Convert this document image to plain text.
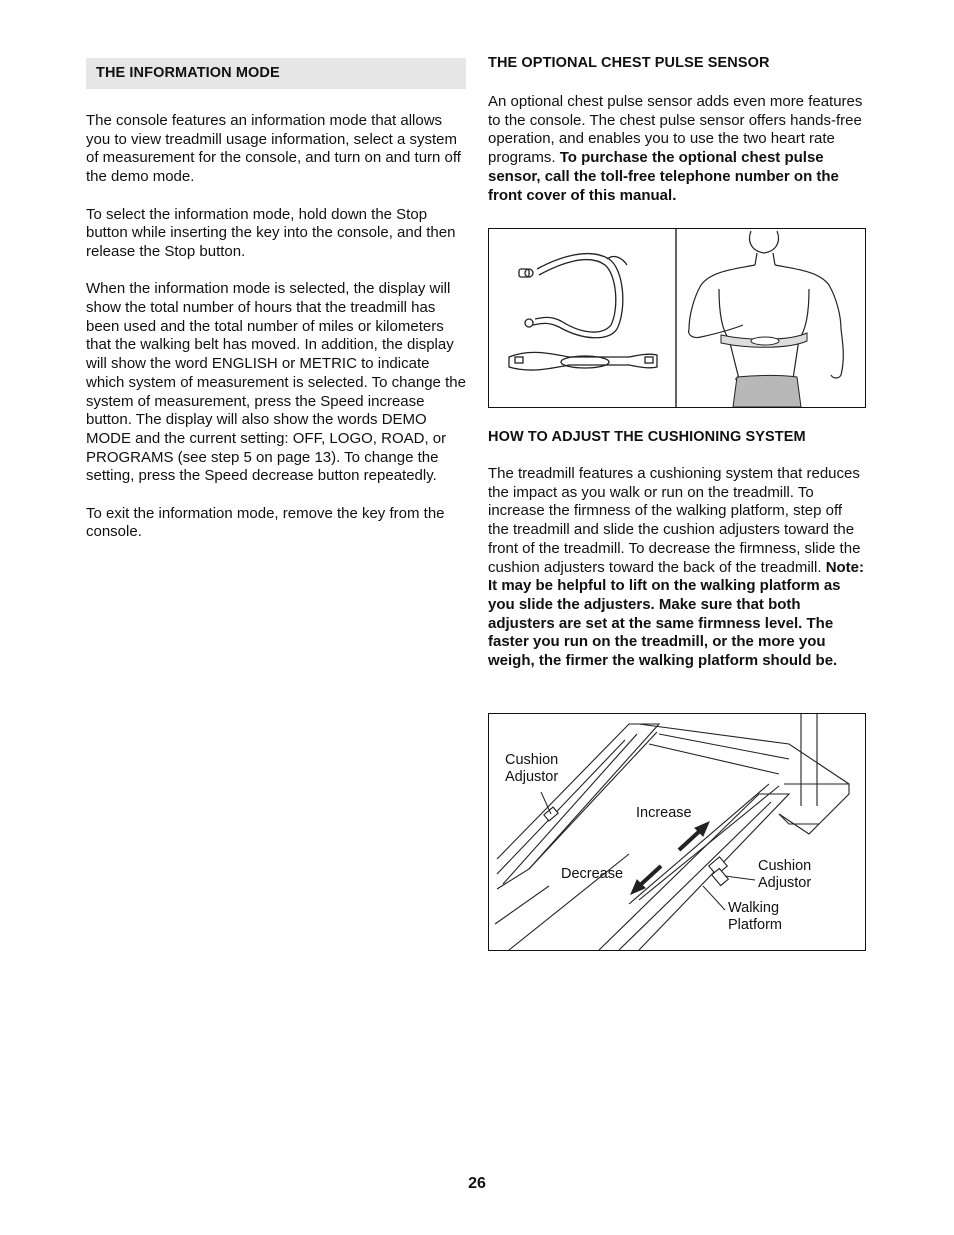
THE INFORMATION MODE

The console features an information mode that allows you to view treadmill usage information, select a system of measurement for the console, and turn on and turn off the demo mode.

To select the information mode, hold down the Stop button while inserting the key into the console, and then release the Stop button.

When the information mode is selected, the display will show the total number of hours that the treadmill has been used and the total number of miles or kilometers that the walking belt has moved. In addition, the display will show the word ENGLISH or METRIC to indicate which system of measurement is selected. To change the system of measurement, press the Speed increase button. The display will also show the words DEMO MODE and the current setting: OFF, LOGO, ROAD, or PROGRAMS (see step 5 on page 13). To change the setting, press the Speed decrease button repeatedly.

To exit the information mode, remove the key from the console.

THE OPTIONAL CHEST PULSE SENSOR
An optional chest pulse sensor adds even more features to the console. The chest pulse sensor offers hands-free operation, and enables you to use the two heart rate programs. To purchase the optional chest pulse sensor, call the toll-free telephone number on the front cover of this manual.
HOW TO ADJUST THE CUSHIONING SYSTEM
The treadmill features a cushioning system that reduces the impact as you walk or run on the treadmill. To increase the firmness of the walking platform, step off the treadmill and slide the cushion adjusters toward the front of the treadmill. To decrease the firmness, slide the cushion adjusters toward the back of the treadmill. Note: It may be helpful to lift on the walking platform as you slide the adjusters. Make sure that both adjusters are set at the same firmness level. The faster you run on the treadmill, or the more you weigh, the firmer the walking platform should be.
Cushion
Adjustor
Increase
Decrease	Cushion
Adjustor
Walking
Platform
26
